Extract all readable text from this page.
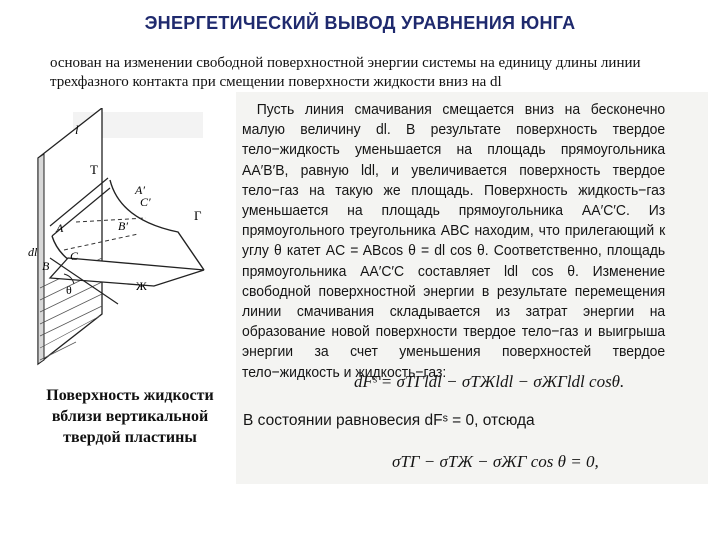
ЭНЕРГЕТИЧЕСКИЙ ВЫВОД УРАВНЕНИЯ ЮНГА
основан на изменении свободной поверхностной энергии системы на единицу длины линии трехфазного контакта при смещении поверхности жидкости вниз на dl
l
Т
A′
C′
B′
A
dl
B
C
Г
θ	Ж
Поверхность жидкости вблизи вертикальной твердой пластины

Пусть линия смачивания смещается вниз на бесконечно малую величину dl. В результате поверхность твердое тело−жидкость уменьшается на площадь прямоугольника AA′B′B, равную ldl, и увеличивается поверхность твердое тело−газ на такую же площадь. Поверхность жидкость−газ уменьшается на площадь прямоугольника AA′C′C. Из прямоугольного треугольника ABC находим, что прилегающий к углу θ катет AC = ABcos θ = dl cos θ. Соответственно, площадь прямоугольника AA′C′C составляет ldl cos θ. Изменение свободной поверхностной энергии в результате перемещения линии смачивания складывается из затрат энергии на образование новой поверхности твердое тело−газ и выигрыша энергии за счет уменьшения поверхностей твердое тело−жидкость и жидкость−газ:

dFˢ = σТГldl − σТЖldl − σЖГldl cosθ.
В состоянии равновесия dFˢ = 0, отсюда
σТГ − σТЖ − σЖГ cos θ = 0,
